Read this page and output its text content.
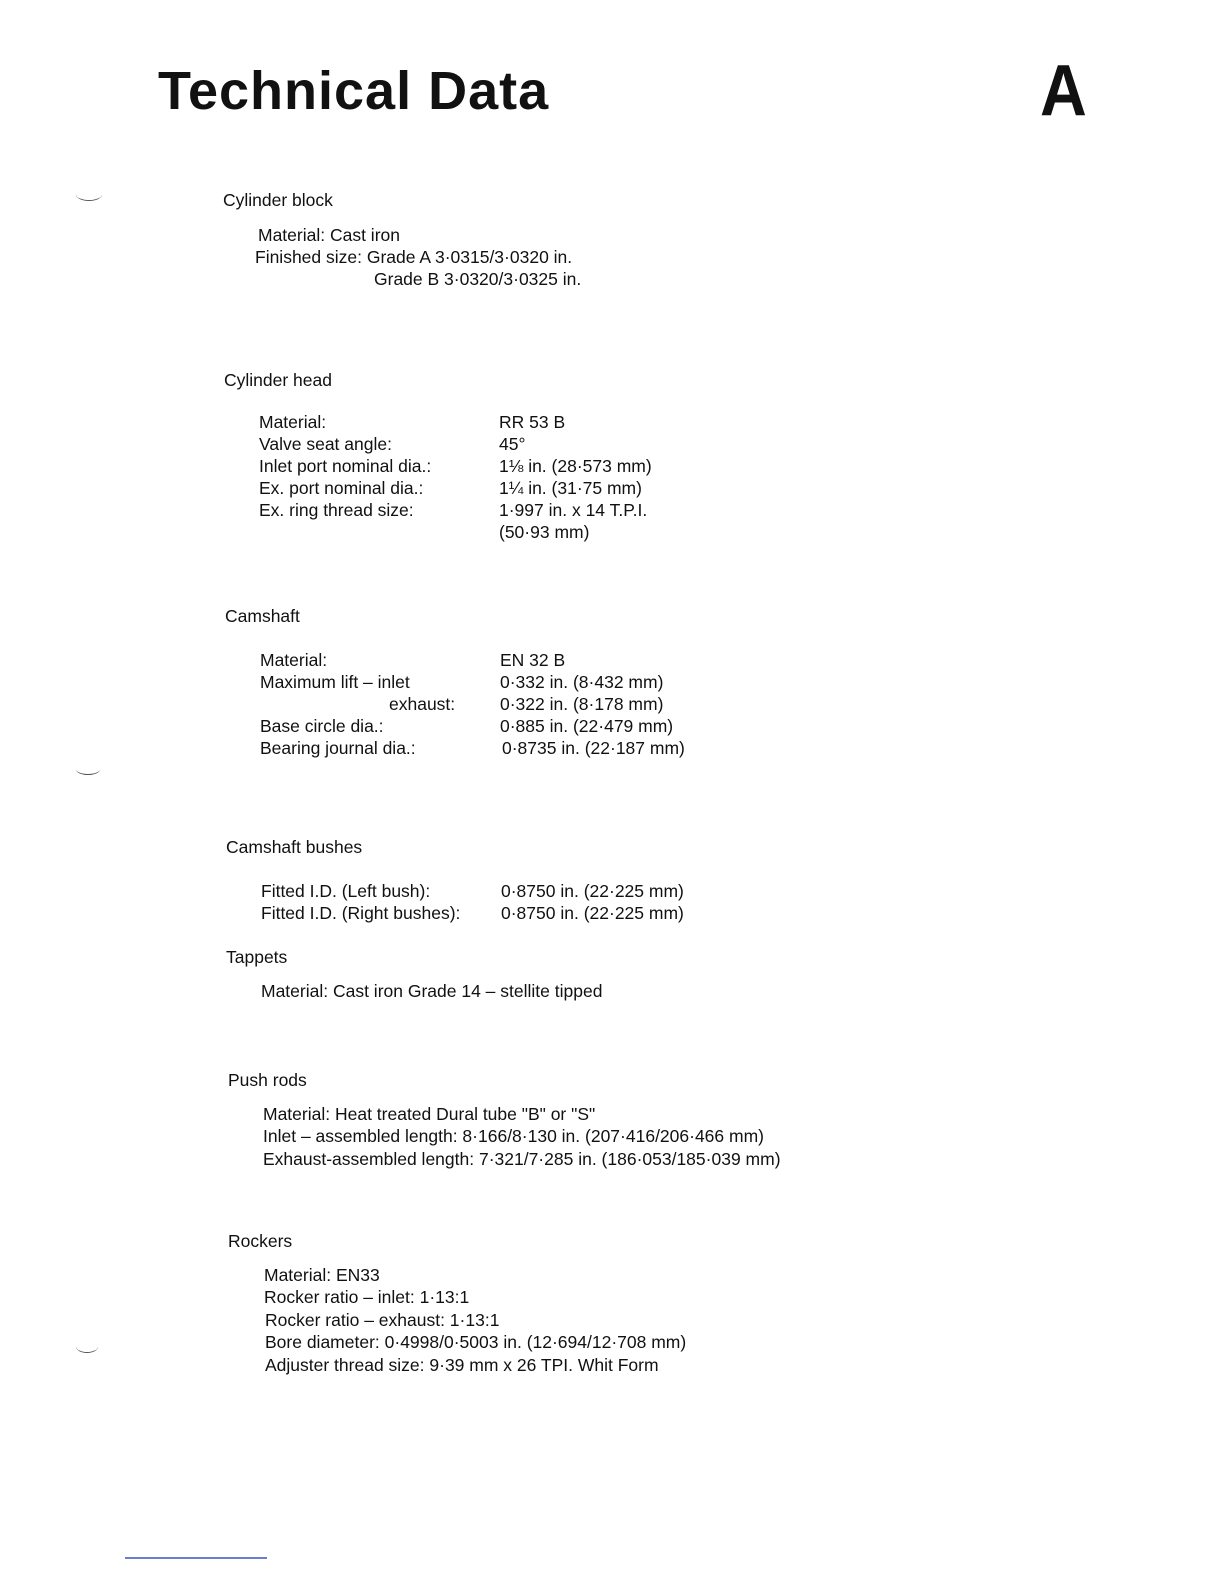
Technical Data	A
Cylinder block
Material: Cast iron
Finished size: Grade A 3·0315/3·0320 in.
Grade B 3·0320/3·0325 in.
Cylinder head
Material:	RR 53 B
Valve seat angle:	45°
Inlet port nominal dia.:	1⅛ in. (28·573 mm)
Ex. port nominal dia.:	1¼ in. (31·75 mm)
Ex. ring thread size:	1·997 in. x 14 T.P.I.
(50·93 mm)
Camshaft
Material:	EN 32 B
Maximum lift – inlet	0·332 in. (8·432 mm)
exhaust:	0·322 in. (8·178 mm)
Base circle dia.:	0·885 in. (22·479 mm)
Bearing journal dia.:	0·8735 in. (22·187 mm)
Camshaft bushes
Fitted I.D. (Left bush):	0·8750 in. (22·225 mm)
Fitted I.D. (Right bushes):	0·8750 in. (22·225 mm)
Tappets
Material: Cast iron Grade 14 – stellite tipped
Push rods
Material: Heat treated Dural tube "B" or "S"
Inlet – assembled length: 8·166/8·130 in. (207·416/206·466 mm)
Exhaust-assembled length: 7·321/7·285 in. (186·053/185·039 mm)
Rockers
Material: EN33
Rocker ratio – inlet: 1·13:1
Rocker ratio – exhaust: 1·13:1
Bore diameter: 0·4998/0·5003 in. (12·694/12·708 mm)
Adjuster thread size: 9·39 mm x 26 TPI. Whit Form
